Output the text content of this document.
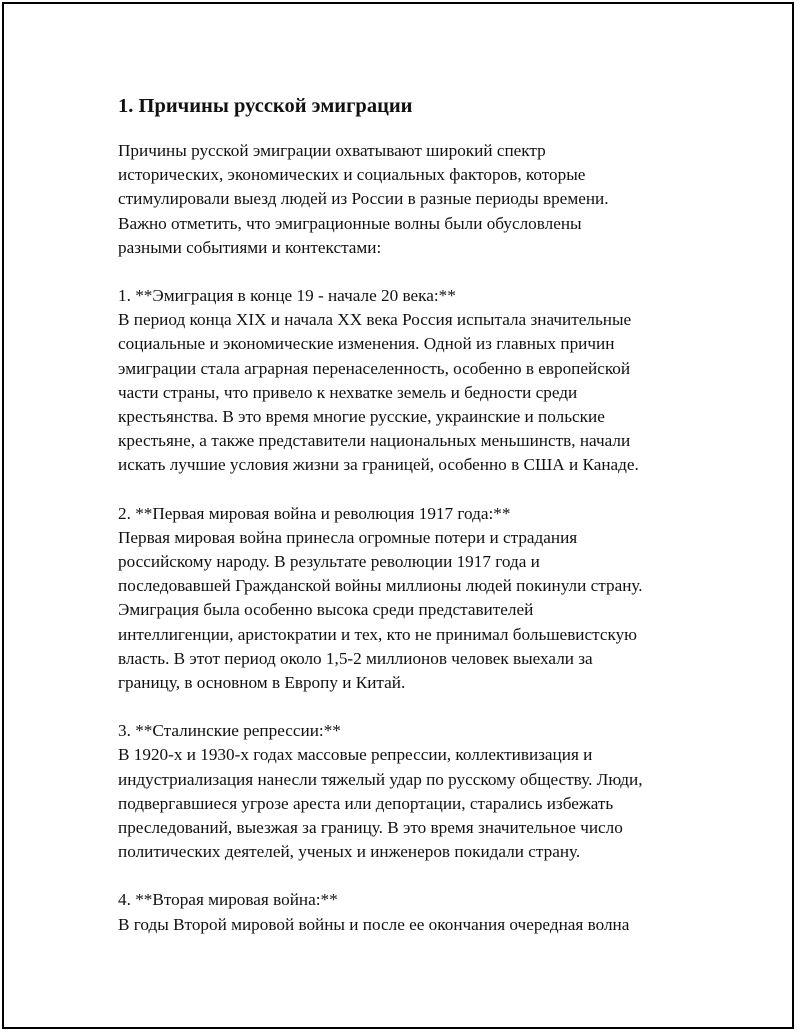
1. Причины русской эмиграции

Причины русской эмиграции охватывают широкий спектр
исторических, экономических и социальных факторов, которые
стимулировали выезд людей из России в разные периоды времени.
Важно отметить, что эмиграционные волны были обусловлены
разными событиями и контекстами:

1. **Эмиграция в конце 19 - начале 20 века:**

В период конца XIX и начала XX века Россия испытала значительные
социальные и экономические изменения. Одной из главных причин
эмиграции стала аграрная перенаселенность, особенно в европейской
части страны, что привело к нехватке земель и бедности среди
крестьянства. В это время многие русские, украинские и польские
крестьяне, а также представители национальных меньшинств, начали
искать лучшие условия жизни за границей, особенно в США и Канаде.

2. **Первая мировая война и революция 1917 года:**

Первая мировая война принесла огромные потери и страдания
российскому народу. В результате революции 1917 года и
последовавшей Гражданской войны миллионы людей покинули страну.
Эмиграция была особенно высока среди представителей
интеллигенции, аристократии и тех, кто не принимал большевистскую
власть. В этот период около 1,5-2 миллионов человек выехали за
границу, в основном в Европу и Китай.

3. **Сталинские репрессии:**

В 1920-х и 1930-х годах массовые репрессии, коллективизация и
индустриализация нанесли тяжелый удар по русскому обществу. Люди,
подвергавшиеся угрозе ареста или депортации, старались избежать
преследований, выезжая за границу. В это время значительное число
политических деятелей, ученых и инженеров покидали страну.

4. **Вторая мировая война:**

В годы Второй мировой войны и после ее окончания очередная волна
